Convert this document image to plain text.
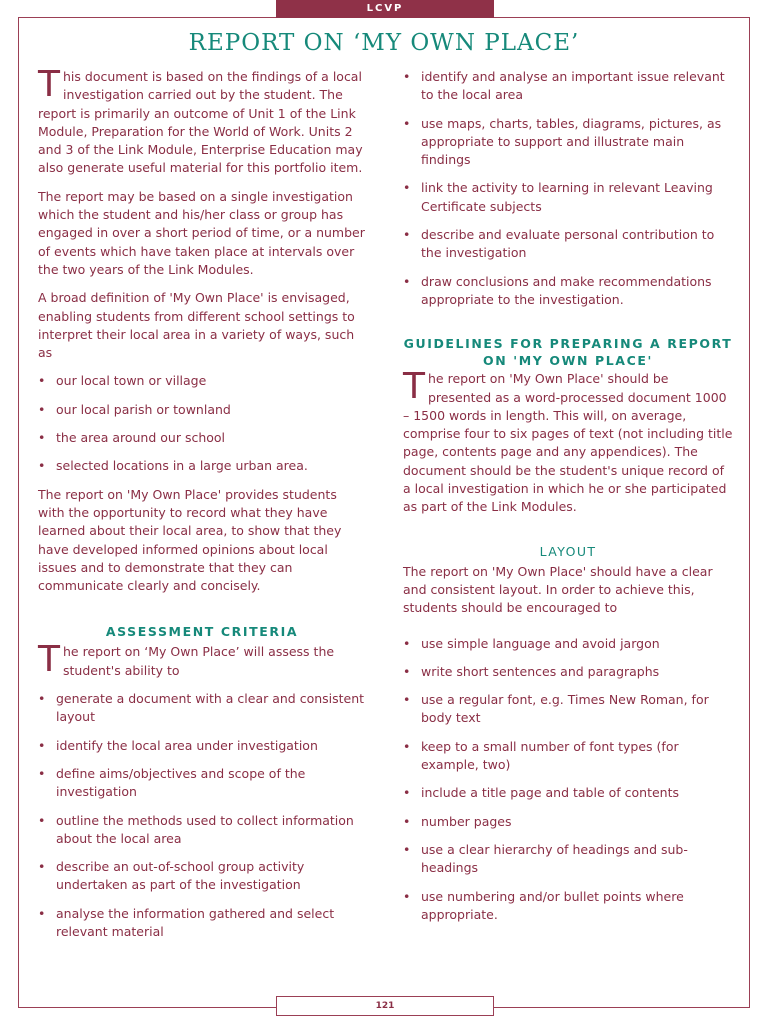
LCVP
REPORT ON ‘MY OWN PLACE’

This document is based on the findings of a local investigation carried out by the student. The report is primarily an outcome of Unit 1 of the Link Module, Preparation for the World of Work. Units 2 and 3 of the Link Module, Enterprise Education may also generate useful material for this portfolio item.

The report may be based on a single investigation which the student and his/her class or group has engaged in over a short period of time, or a number of events which have taken place at intervals over the two years of the Link Modules.

A broad definition of 'My Own Place' is envisaged, enabling students from different school settings to interpret their local area in a variety of ways, such as

• our local town or village
• our local parish or townland
• the area around our school
• selected locations in a large urban area.

The report on 'My Own Place' provides students with the opportunity to record what they have learned about their local area, to show that they have developed informed opinions about local issues and to demonstrate that they can communicate clearly and concisely.

ASSESSMENT CRITERIA

The report on ‘My Own Place’ will assess the student's ability to

• generate a document with a clear and consistent layout
• identify the local area under investigation
• define aims/objectives and scope of the investigation
• outline the methods used to collect information about the local area
• describe an out-of-school group activity undertaken as part of the investigation
• analyse the information gathered and select relevant material
• identify and analyse an important issue relevant to the local area
• use maps, charts, tables, diagrams, pictures, as appropriate to support and illustrate main findings
• link the activity to learning in relevant Leaving Certificate subjects
• describe and evaluate personal contribution to the investigation
• draw conclusions and make recommendations appropriate to the investigation.
GUIDELINES FOR PREPARING A REPORT
ON 'MY OWN PLACE'

The report on 'My Own Place' should be presented as a word-processed document 1000 – 1500 words in length. This will, on average, comprise four to six pages of text (not including title page, contents page and any appendices). The document should be the student's unique record of a local investigation in which he or she participated as part of the Link Modules.

LAYOUT

The report on 'My Own Place' should have a clear and consistent layout. In order to achieve this, students should be encouraged to

• use simple language and avoid jargon
• write short sentences and paragraphs
• use a regular font, e.g. Times New Roman, for body text
• keep to a small number of font types (for example, two)
• include a title page and table of contents
• number pages
• use a clear hierarchy of headings and sub-headings
• use numbering and/or bullet points where appropriate.
121
